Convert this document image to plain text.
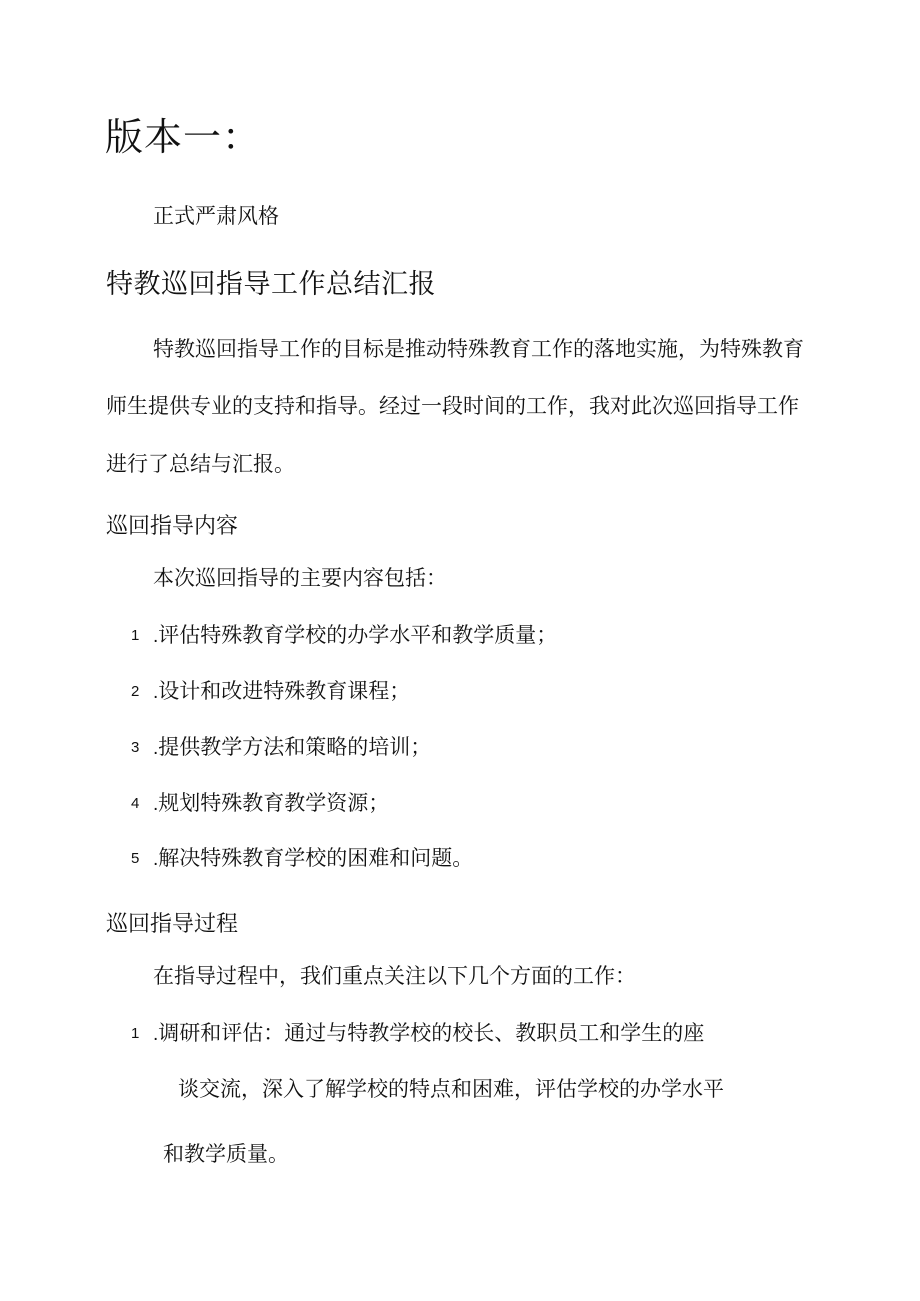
版本一：
正式严肃风格
特教巡回指导工作总结汇报
特教巡回指导工作的目标是推动特殊教育工作的落地实施，为特殊教育
师生提供专业的支持和指导。经过一段时间的工作，我对此次巡回指导工作
进行了总结与汇报。
巡回指导内容
本次巡回指导的主要内容包括：
1 .评估特殊教育学校的办学水平和教学质量；
2 .设计和改进特殊教育课程；
3 .提供教学方法和策略的培训；
4 .规划特殊教育教学资源；
5 .解决特殊教育学校的困难和问题。
巡回指导过程
在指导过程中，我们重点关注以下几个方面的工作：
1 .调研和评估：通过与特教学校的校长、教职员工和学生的座
谈交流，深入了解学校的特点和困难，评估学校的办学水平
和教学质量。
